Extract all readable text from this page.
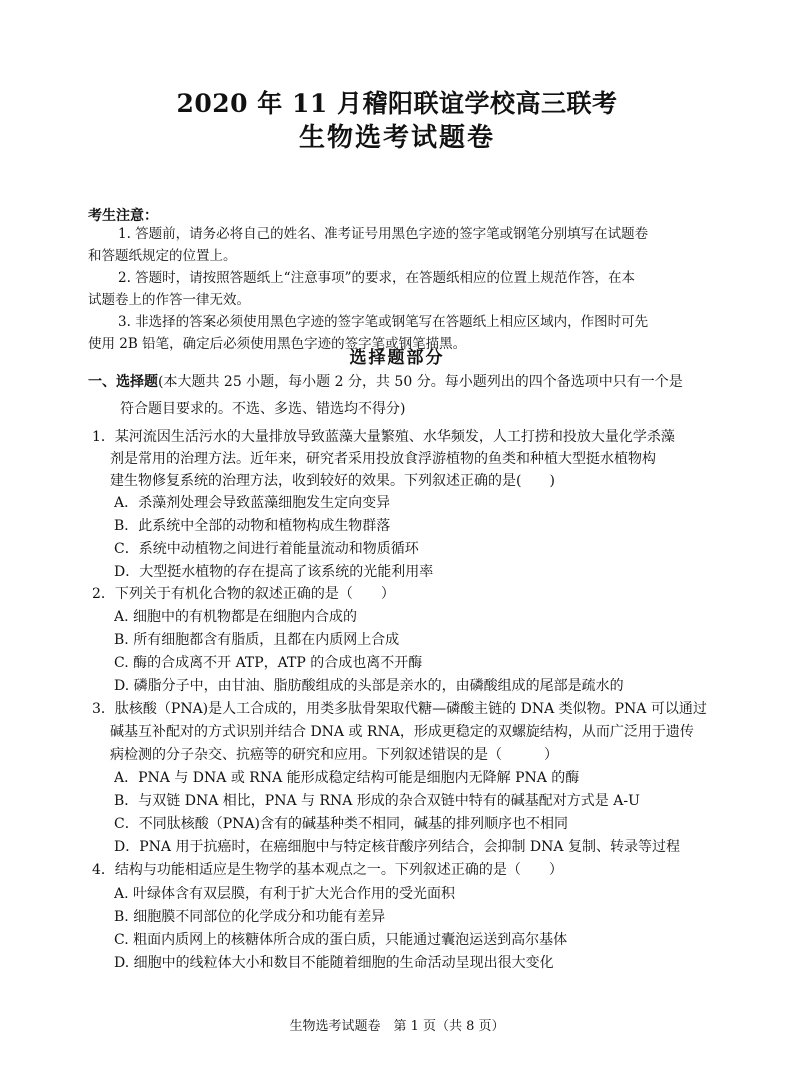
2020 年 11 月稽阳联谊学校高三联考
生物选考试题卷
考生注意：
1. 答题前，请务必将自己的姓名、准考证号用黑色字迹的签字笔或钢笔分别填写在试题卷
和答题纸规定的位置上。
2. 答题时，请按照答题纸上“注意事项”的要求，在答题纸相应的位置上规范作答，在本
试题卷上的作答一律无效。
3. 非选择的答案必须使用黑色字迹的签字笔或钢笔写在答题纸上相应区域内，作图时可先
使用 2B 铅笔，确定后必须使用黑色字迹的签字笔或钢笔描黑。
选择题部分
一、选择题(本大题共 25 小题，每小题 2 分，共 50 分。每小题列出的四个备选项中只有一个是
符合题目要求的。不选、多选、错选均不得分)
1．某河流因生活污水的大量排放导致蓝藻大量繁殖、水华频发，人工打捞和投放大量化学杀藻
剂是常用的治理方法。近年来，研究者采用投放食浮游植物的鱼类和种植大型挺水植物构
建生物修复系统的治理方法，收到较好的效果。下列叙述正确的是(　　)
A．杀藻剂处理会导致蓝藻细胞发生定向变异
B．此系统中全部的动物和植物构成生物群落
C．系统中动植物之间进行着能量流动和物质循环
D．大型挺水植物的存在提高了该系统的光能利用率
2．下列关于有机化合物的叙述正确的是（　　）
A. 细胞中的有机物都是在细胞内合成的
B. 所有细胞都含有脂质，且都在内质网上合成
C. 酶的合成离不开 ATP，ATP 的合成也离不开酶
D. 磷脂分子中，由甘油、脂肪酸组成的头部是亲水的，由磷酸组成的尾部是疏水的
3．肽核酸（PNA)是人工合成的，用类多肽骨架取代糖—磷酸主链的 DNA 类似物。PNA 可以通过
碱基互补配对的方式识别并结合 DNA 或 RNA，形成更稳定的双螺旋结构，从而广泛用于遗传
病检测的分子杂交、抗癌等的研究和应用。下列叙述错误的是（　　　）
A．PNA 与 DNA 或 RNA 能形成稳定结构可能是细胞内无降解 PNA 的酶
B．与双链 DNA 相比，PNA 与 RNA 形成的杂合双链中特有的碱基配对方式是 A-U
C．不同肽核酸（PNA)含有的碱基种类不相同，碱基的排列顺序也不相同
D．PNA 用于抗癌时，在癌细胞中与特定核苷酸序列结合，会抑制 DNA 复制、转录等过程
4．结构与功能相适应是生物学的基本观点之一。下列叙述正确的是（　　）
A. 叶绿体含有双层膜，有利于扩大光合作用的受光面积
B. 细胞膜不同部位的化学成分和功能有差异
C. 粗面内质网上的核糖体所合成的蛋白质，只能通过囊泡运送到高尔基体
D. 细胞中的线粒体大小和数目不能随着细胞的生命活动呈现出很大变化
生物选考试题卷　第 1 页（共 8 页）
